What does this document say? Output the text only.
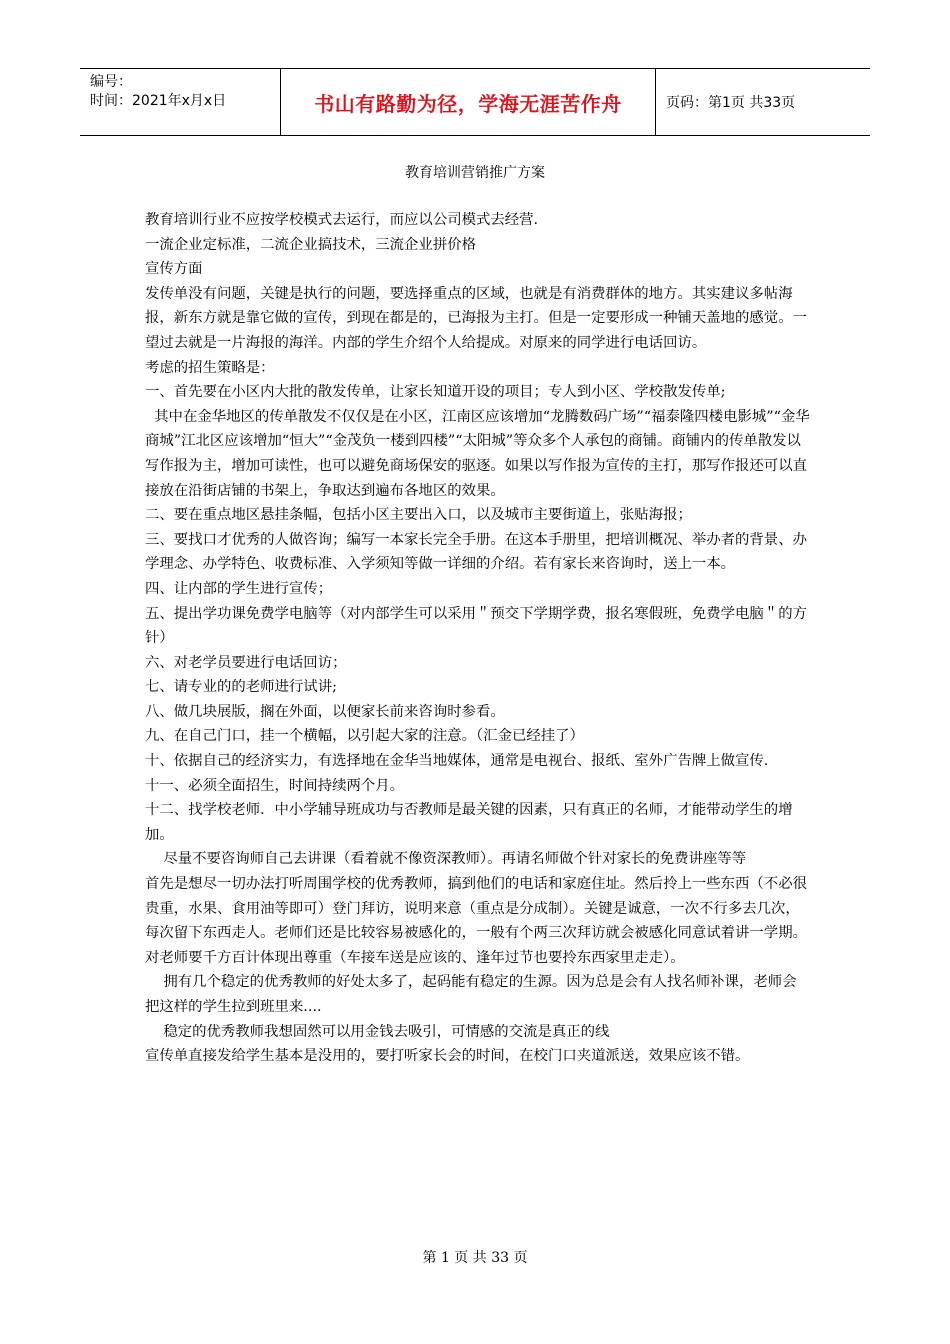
编号：
时间：2021年x月x日	书山有路勤为径，学海无涯苦作舟	页码：第1页 共33页
教育培训营销推广方案

教育培训行业不应按学校模式去运行，而应以公司模式去经营.

一流企业定标准，二流企业搞技术，三流企业拼价格

宣传方面

发传单没有问题，关键是执行的问题，要选择重点的区域，也就是有消费群体的地方。其实建议多帖海报，新东方就是靠它做的宣传，到现在都是的，已海报为主打。但是一定要形成一种铺天盖地的感觉。一望过去就是一片海报的海洋。内部的学生介绍个人给提成。对原来的同学进行电话回访。

考虑的招生策略是：

一、首先要在小区内大批的散发传单，让家长知道开设的项目；专人到小区、学校散发传单;

其中在金华地区的传单散发不仅仅是在小区，江南区应该增加“龙腾数码广场”“福泰隆四楼电影城”“金华商城”江北区应该增加“恒大”“金茂负一楼到四楼”“太阳城”等众多个人承包的商铺。商铺内的传单散发以写作报为主，增加可读性，也可以避免商场保安的驱逐。如果以写作报为宣传的主打，那写作报还可以直接放在沿街店铺的书架上，争取达到遍布各地区的效果。

二、要在重点地区悬挂条幅，包括小区主要出入口，以及城市主要街道上，张贴海报；

三、要找口才优秀的人做咨询；编写一本家长完全手册。在这本手册里，把培训概况、举办者的背景、办学理念、办学特色、收费标准、入学须知等做一详细的介绍。若有家长来咨询时，送上一本。

四、让内部的学生进行宣传；

五、提出学功课免费学电脑等（对内部学生可以采用＂预交下学期学费，报名寒假班，免费学电脑＂的方针）

六、对老学员要进行电话回访；

七、请专业的的老师进行试讲;

八、做几块展版，搁在外面，以便家长前来咨询时参看。

九、在自己门口，挂一个横幅，以引起大家的注意。（汇金已经挂了）

十、依据自己的经济实力，有选择地在金华当地媒体，通常是电视台、报纸、室外广告牌上做宣传.

十一、必须全面招生，时间持续两个月。

十二、找学校老师．中小学辅导班成功与否教师是最关键的因素，只有真正的名师，才能带动学生的增加。

尽量不要咨询师自己去讲课（看着就不像资深教师）。再请名师做个针对家长的免费讲座等等

首先是想尽一切办法打听周围学校的优秀教师，搞到他们的电话和家庭住址。然后拎上一些东西（不必很贵重，水果、食用油等即可）登门拜访，说明来意（重点是分成制）。关键是诚意，一次不行多去几次，每次留下东西走人。老师们还是比较容易被感化的，一般有个两三次拜访就会被感化同意试着讲一学期。对老师要千方百计体现出尊重（车接车送是应该的、逢年过节也要拎东西家里走走）。

拥有几个稳定的优秀教师的好处太多了，起码能有稳定的生源。因为总是会有人找名师补课，老师会把这样的学生拉到班里来....

稳定的优秀教师我想固然可以用金钱去吸引，可情感的交流是真正的线

宣传单直接发给学生基本是没用的，要打听家长会的时间，在校门口夹道派送，效果应该不错。

第 1 页 共 33 页
